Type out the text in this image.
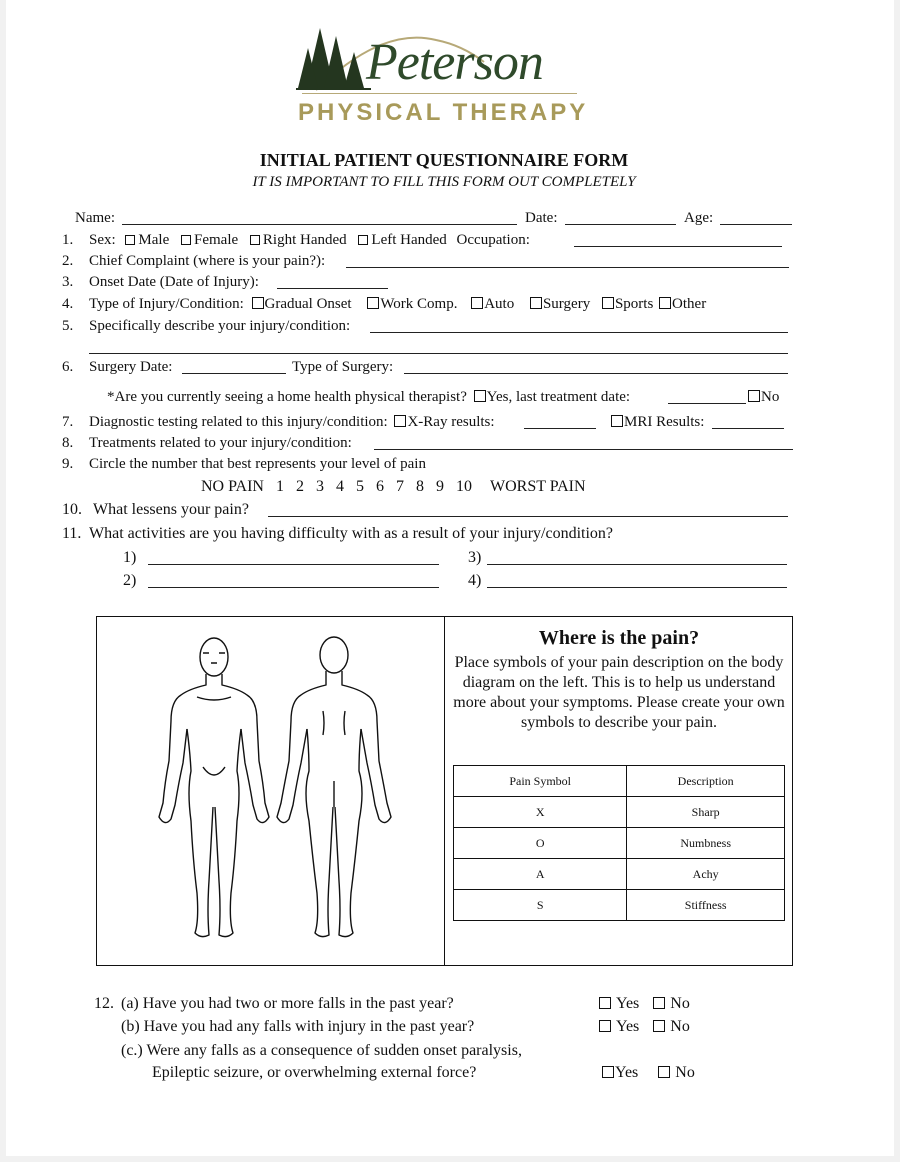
Peterson
PHYSICAL THERAPY
INITIAL PATIENT QUESTIONNAIRE FORM
IT IS IMPORTANT TO FILL THIS FORM OUT COMPLETELY
Name:	Date:	Age:
1. Sex: Male Female Right Handed Left Handed Occupation:
2. Chief Complaint (where is your pain?):
3. Onset Date (Date of Injury):
4. Type of Injury/Condition: Gradual Onset Work Comp. Auto Surgery Sports Other
5. Specifically describe your injury/condition:
6. Surgery Date:	Type of Surgery:
*Are you currently seeing a home health physical therapist? Yes, last treatment date:	No
7. Diagnostic testing related to this injury/condition: X-Ray results:	MRI Results:
8. Treatments related to your injury/condition:
9. Circle the number that best represents your level of pain
NO PAIN 1 2 3 4 5 6 7 8 9 10 WORST PAIN
10. What lessens your pain?
11. What activities are you having difficulty with as a result of your injury/condition?
1)	3)
2)	4)
Where is the pain?
Place symbols of your pain description on the body diagram on the left. This is to help us understand more about your symptoms. Please create your own symbols to describe your pain.
Pain Symbol	Description
X	Sharp
O	Numbness
A	Achy
S	Stiffness
12. (a) Have you had two or more falls in the past year?	Yes No
(b) Have you had any falls with injury in the past year?	Yes No
(c.) Were any falls as a consequence of sudden onset paralysis,
Epileptic seizure, or overwhelming external force?	Yes No
